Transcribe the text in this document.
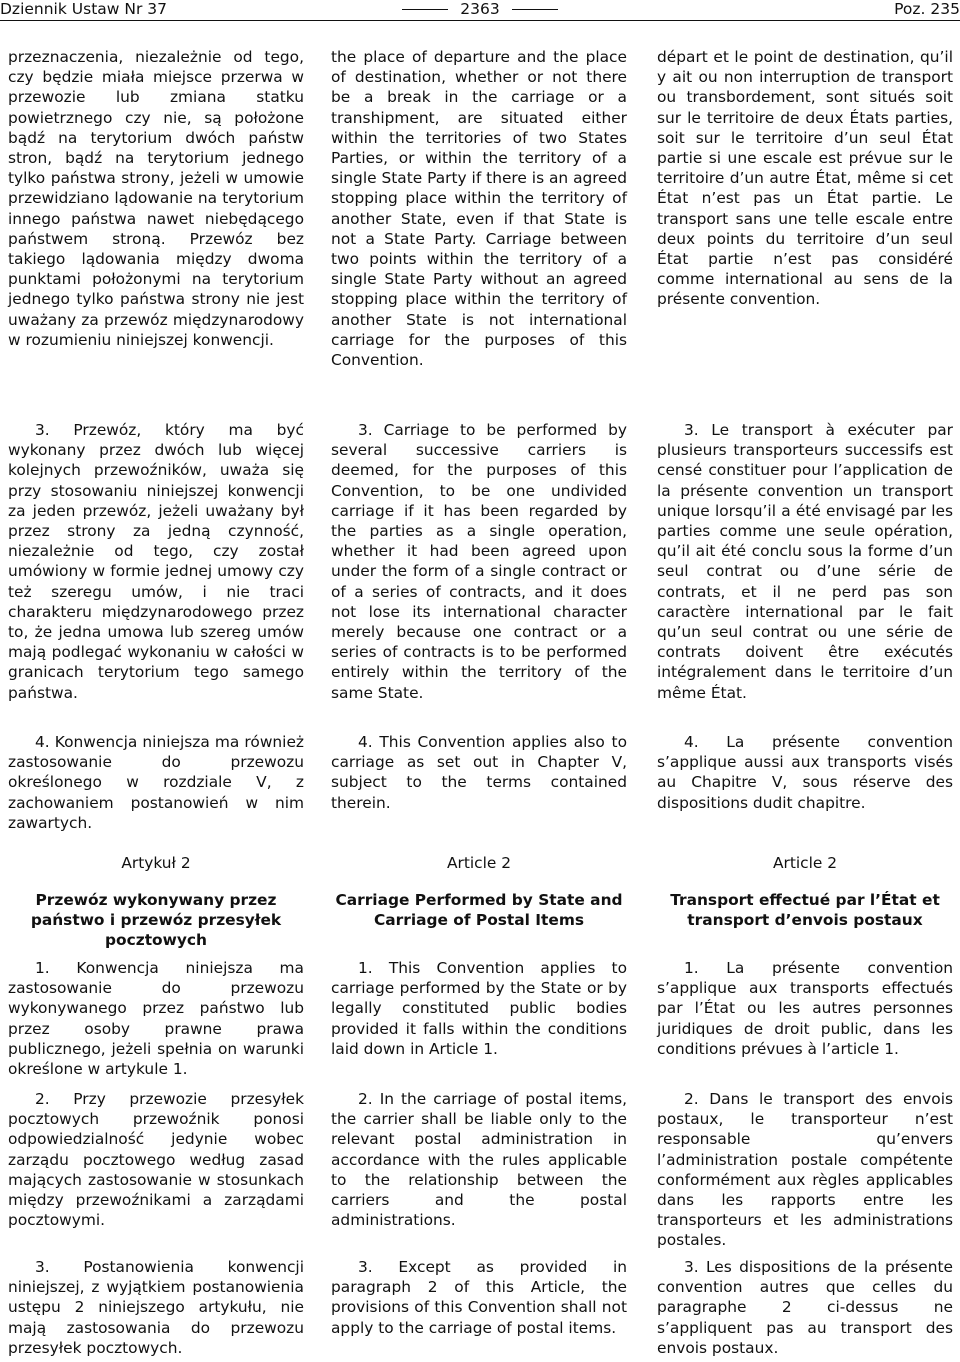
Dziennik Ustaw Nr 37	2363	Poz. 235

przeznaczenia, niezależnie od tego, czy będzie miała miejsce przerwa w przewozie lub zmiana statku powietrznego czy nie, są położone bądź na terytorium dwóch państw stron, bądź na terytorium jednego tylko państwa strony, jeżeli w umowie przewidziano lądowanie na terytorium innego państwa nawet niebędącego państwem stroną. Przewóz bez takiego lądowania między dwoma punktami położonymi na terytorium jednego tylko państwa strony nie jest uważany za przewóz międzynarodowy w rozumieniu niniejszej konwencji.

3. Przewóz, który ma być wykonany przez dwóch lub więcej kolejnych przewoźników, uważa się przy stosowaniu niniejszej konwencji za jeden przewóz, jeżeli uważany był przez strony za jedną czynność, niezależnie od tego, czy został umówiony w formie jednej umowy czy też szeregu umów, i nie traci charakteru międzynarodowego przez to, że jedna umowa lub szereg umów mają podlegać wykonaniu w całości w granicach terytorium tego samego państwa.

4. Konwencja niniejsza ma również zastosowanie do przewozu określonego w rozdziale V, z zachowaniem postanowień w nim zawartych.

Artykuł 2

Przewóz wykonywany przez państwo i przewóz przesyłek pocztowych

1. Konwencja niniejsza ma zastosowanie do przewozu wykonywanego przez państwo lub przez osoby prawne prawa publicznego, jeżeli spełnia on warunki określone w artykule 1.

2. Przy przewozie przesyłek pocztowych przewoźnik ponosi odpowiedzialność jedynie wobec zarządu pocztowego według zasad mających zastosowanie w stosunkach między przewoźnikami a zarządami pocztowymi.

3. Postanowienia konwencji niniejszej, z wyjątkiem postanowienia ustępu 2 niniejszego artykułu, nie mają zastosowania do przewozu przesyłek pocztowych.

the place of departure and the place of destination, whether or not there be a break in the carriage or a transhipment, are situated either within the territories of two States Parties, or within the territory of a single State Party if there is an agreed stopping place within the territory of another State, even if that State is not a State Party. Carriage between two points within the territory of a single State Party without an agreed stopping place within the territory of another State is not international carriage for the purposes of this Convention.

3. Carriage to be performed by several successive carriers is deemed, for the purposes of this Convention, to be one undivided carriage if it has been regarded by the parties as a single operation, whether it had been agreed upon under the form of a single contract or of a series of contracts, and it does not lose its international character merely because one contract or a series of contracts is to be performed entirely within the territory of the same State.

4. This Convention applies also to carriage as set out in Chapter V, subject to the terms contained therein.

Article 2

Carriage Performed by State and Carriage of Postal Items

1. This Convention applies to carriage performed by the State or by legally constituted public bodies provided it falls within the conditions laid down in Article 1.

2. In the carriage of postal items, the carrier shall be liable only to the relevant postal administration in accordance with the rules applicable to the relationship between the carriers and the postal administrations.

3. Except as provided in paragraph 2 of this Article, the provisions of this Convention shall not apply to the carriage of postal items.

départ et le point de destination, qu’il y ait ou non interruption de transport ou transbordement, sont situés soit sur le territoire de deux États parties, soit sur le territoire d’un seul État partie si une escale est prévue sur le territoire d’un autre État, même si cet État n’est pas un État partie. Le transport sans une telle escale entre deux points du territoire d’un seul État partie n’est pas considéré comme international au sens de la présente convention.

3. Le transport à exécuter par plusieurs transporteurs successifs est censé constituer pour l’application de la présente convention un transport unique lorsqu’il a été envisagé par les parties comme une seule opération, qu’il ait été conclu sous la forme d’un seul contrat ou d’une série de contrats, et il ne perd pas son caractère international par le fait qu’un seul contrat ou une série de contrats doivent être exécutés intégralement dans le territoire d’un même État.

4. La présente convention s’applique aussi aux transports visés au Chapitre V, sous réserve des dispositions dudit chapitre.

Article 2

Transport effectué par l’État et transport d’envois postaux

1. La présente convention s’applique aux transports effectués par l’État ou les autres personnes juridiques de droit public, dans les conditions prévues à l’article 1.

2. Dans le transport des envois postaux, le transporteur n’est responsable qu’envers l’administration postale compétente conformément aux règles applicables dans les rapports entre les transporteurs et les administrations postales.

3. Les dispositions de la présente convention autres que celles du paragraphe 2 ci-dessus ne s’appliquent pas au transport des envois postaux.
